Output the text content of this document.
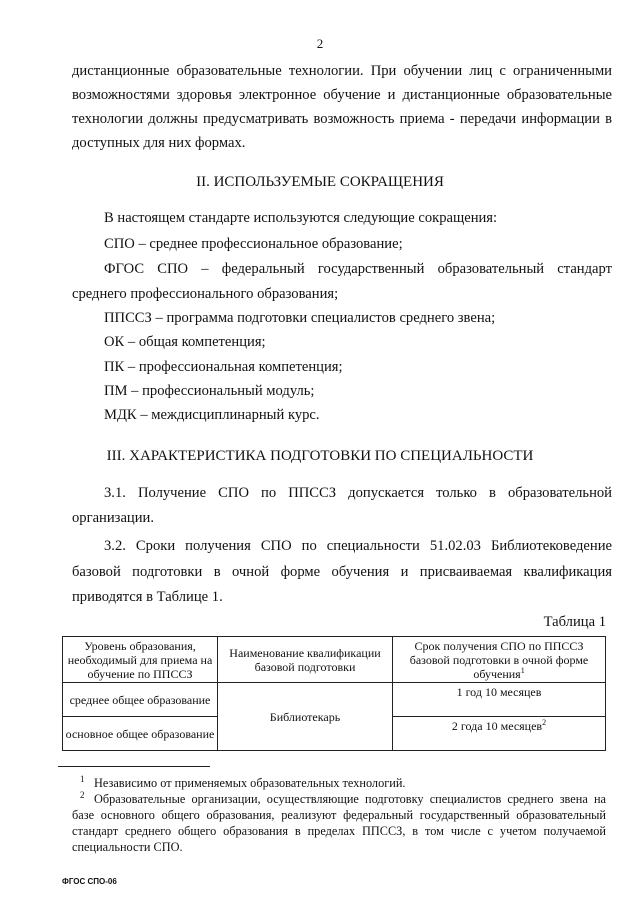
2
дистанционные образовательные технологии. При обучении лиц с ограниченными
возможностями здоровья электронное обучение и дистанционные образовательные
технологии должны предусматривать возможность приема - передачи информации в
доступных для них формах.
II. ИСПОЛЬЗУЕМЫЕ СОКРАЩЕНИЯ
В настоящем стандарте используются следующие сокращения:
СПО – среднее профессиональное образование;
ФГОС СПО – федеральный государственный образовательный стандарт
среднего профессионального образования;
ППССЗ – программа подготовки специалистов среднего звена;
ОК – общая компетенция;
ПК – профессиональная компетенция;
ПМ – профессиональный модуль;
МДК – междисциплинарный курс.
III. ХАРАКТЕРИСТИКА ПОДГОТОВКИ ПО СПЕЦИАЛЬНОСТИ
3.1. Получение СПО по ППССЗ допускается только в образовательной
организации.
3.2. Сроки получения СПО по специальности 51.02.03 Библиотековедение
базовой подготовки в очной форме обучения и присваиваемая квалификация
приводятся в Таблице 1.
Таблица 1
Уровень образования, необходимый для приема на обучение по ППССЗ	Наименование квалификации базовой подготовки	Срок получения СПО по ППССЗ базовой подготовки в очной форме обучения$^1$
среднее общее образование	Библиотекарь	1 год 10 месяцев
основное общее образование		2 года 10 месяцев$^2$
1 Независимо от применяемых образовательных технологий.
2 Образовательные организации, осуществляющие подготовку специалистов среднего звена на
базе основного общего образования, реализуют федеральный государственный образовательный
стандарт среднего общего образования в пределах ППССЗ, в том числе с учетом получаемой
специальности СПО.
ФГОС СПО-06
